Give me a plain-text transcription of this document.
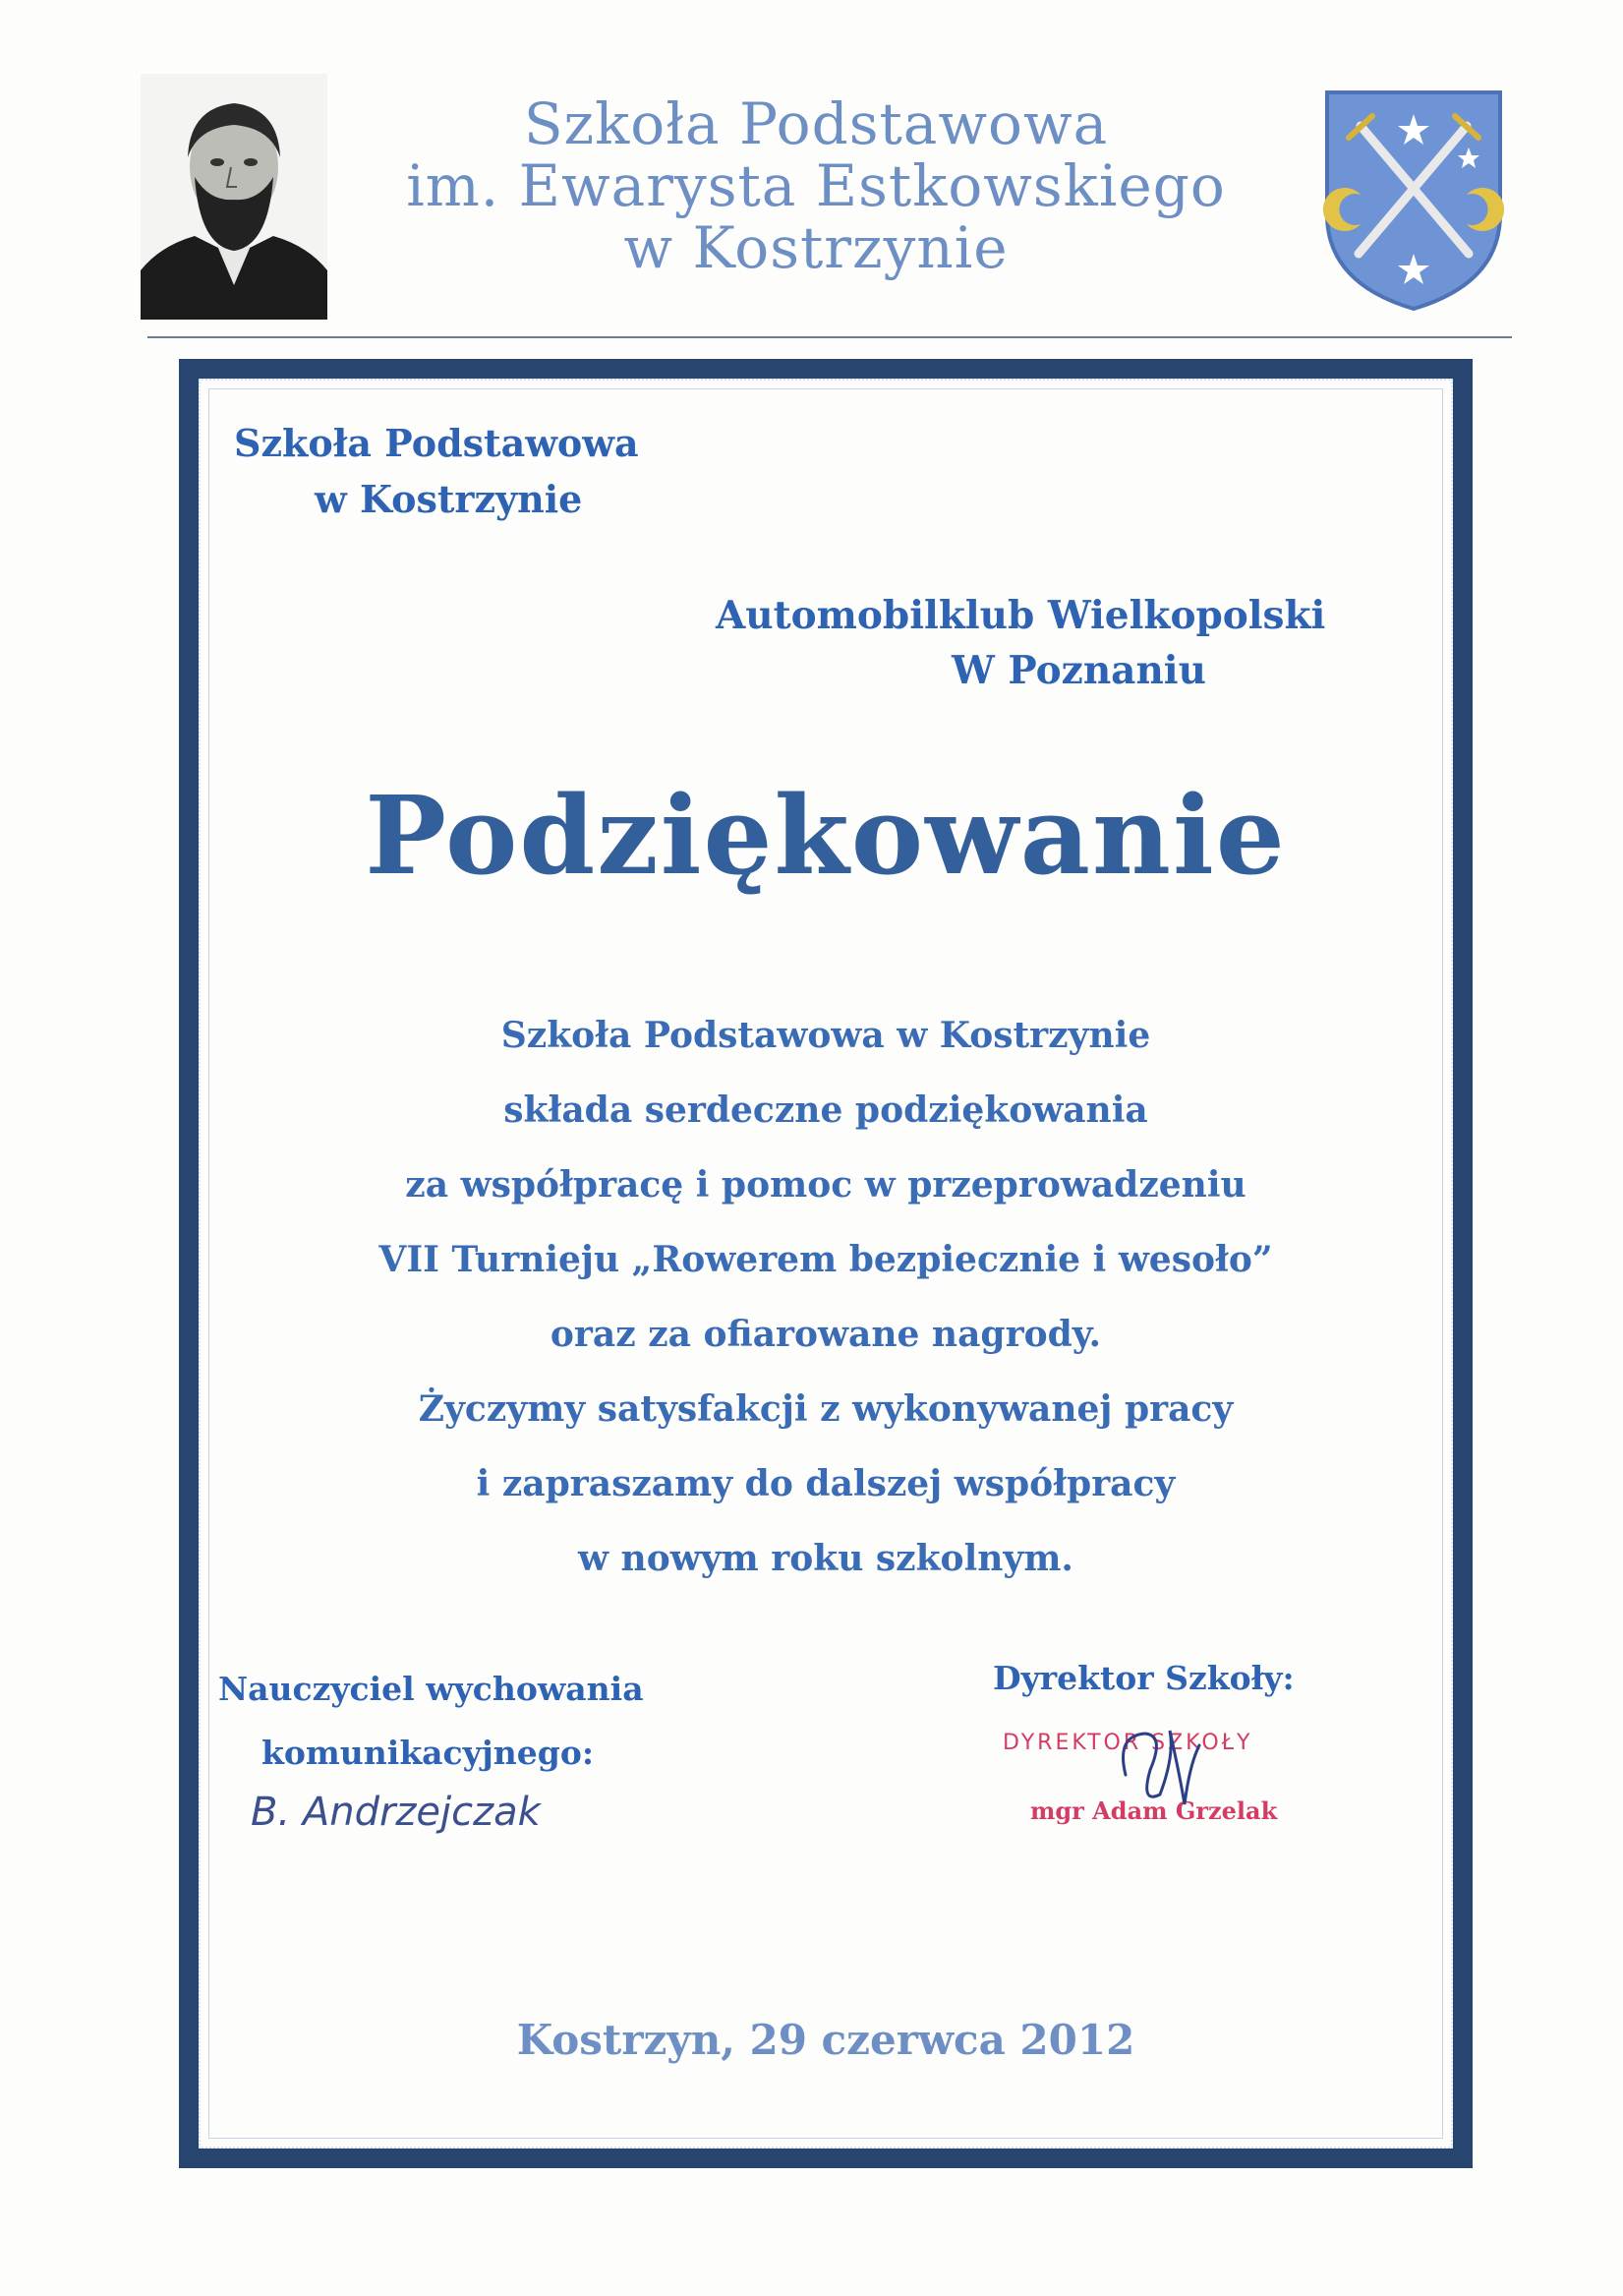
Szkoła Podstawowa
im. Ewarysta Estkowskiego
w Kostrzynie
Szkoła Podstawowa
w Kostrzynie
Automobilklub Wielkopolski
W Poznaniu
Podziękowanie
Szkoła Podstawowa w Kostrzynie
składa serdeczne podziękowania
za współpracę i pomoc w przeprowadzeniu
VII Turnieju „Rowerem bezpiecznie i wesoło”
oraz za ofiarowane nagrody.
Życzymy satysfakcji z wykonywanej pracy
i zapraszamy do dalszej współpracy
w nowym roku szkolnym.
Nauczyciel wychowania
komunikacyjnego:
B. Andrzejczak
Dyrektor Szkoły:
DYREKTOR SZKOŁY
mgr Adam Grzelak
Kostrzyn, 29 czerwca 2012
